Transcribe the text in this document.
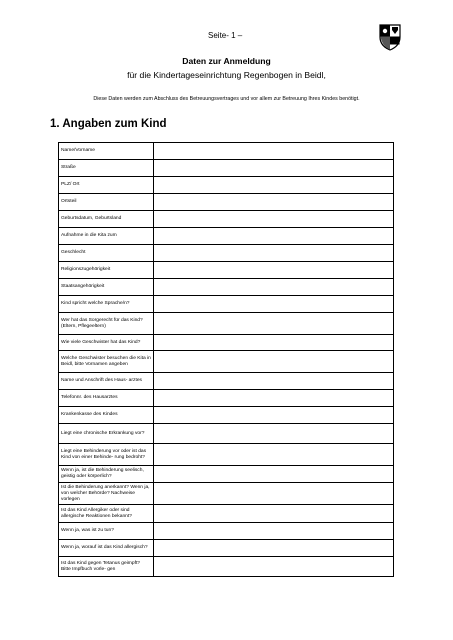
Seite- 1 –
Daten zur Anmeldung
für die Kindertageseinrichtung Regenbogen in Beidl,
Diese Daten werden zum Abschluss des Betreuungsvertrages und vor allem zur Betreuung Ihres Kindes benötigt.
1. Angaben zum Kind
Name/Vorname	
Straße	
PLZ/ Ort	
Ortsteil	
Geburtsdatum, Geburtsland	
Aufnahme in die Kita zum	
Geschlecht	
Religionszugehörigkeit	
Staatsangehörigkeit	
Kind spricht welche Sprache/n?	
Wer hat das Sorgerecht für das Kind? (Eltern, Pflegeeltern)	
Wie viele Geschwister hat das Kind?	
Welche Geschwister besuchen die Kita in Beidl, bitte Vornamen angeben	
Name und Anschrift des Haus- arztes	
Telefonnr. des Hausarztes	
Krankenkasse des Kindes	
Liegt eine chronische Erkrankung vor?	
Liegt eine Behinderung vor oder ist das Kind von einer Behinde- rung bedroht?	
Wenn ja, ist die Behinderung seelisch, geistig oder körperlich?	
Ist die Behinderung anerkannt? Wenn ja, von welcher Behörde? Nachweise vorlegen	
Ist das Kind Allergiker oder sind allergische Reaktionen bekannt?	
Wenn ja, was ist zu tun?	
Wenn ja, worauf ist das Kind allergisch?	
Ist das Kind gegen Tetanus geimpft? Bitte Impfbuch vorle- gen	
